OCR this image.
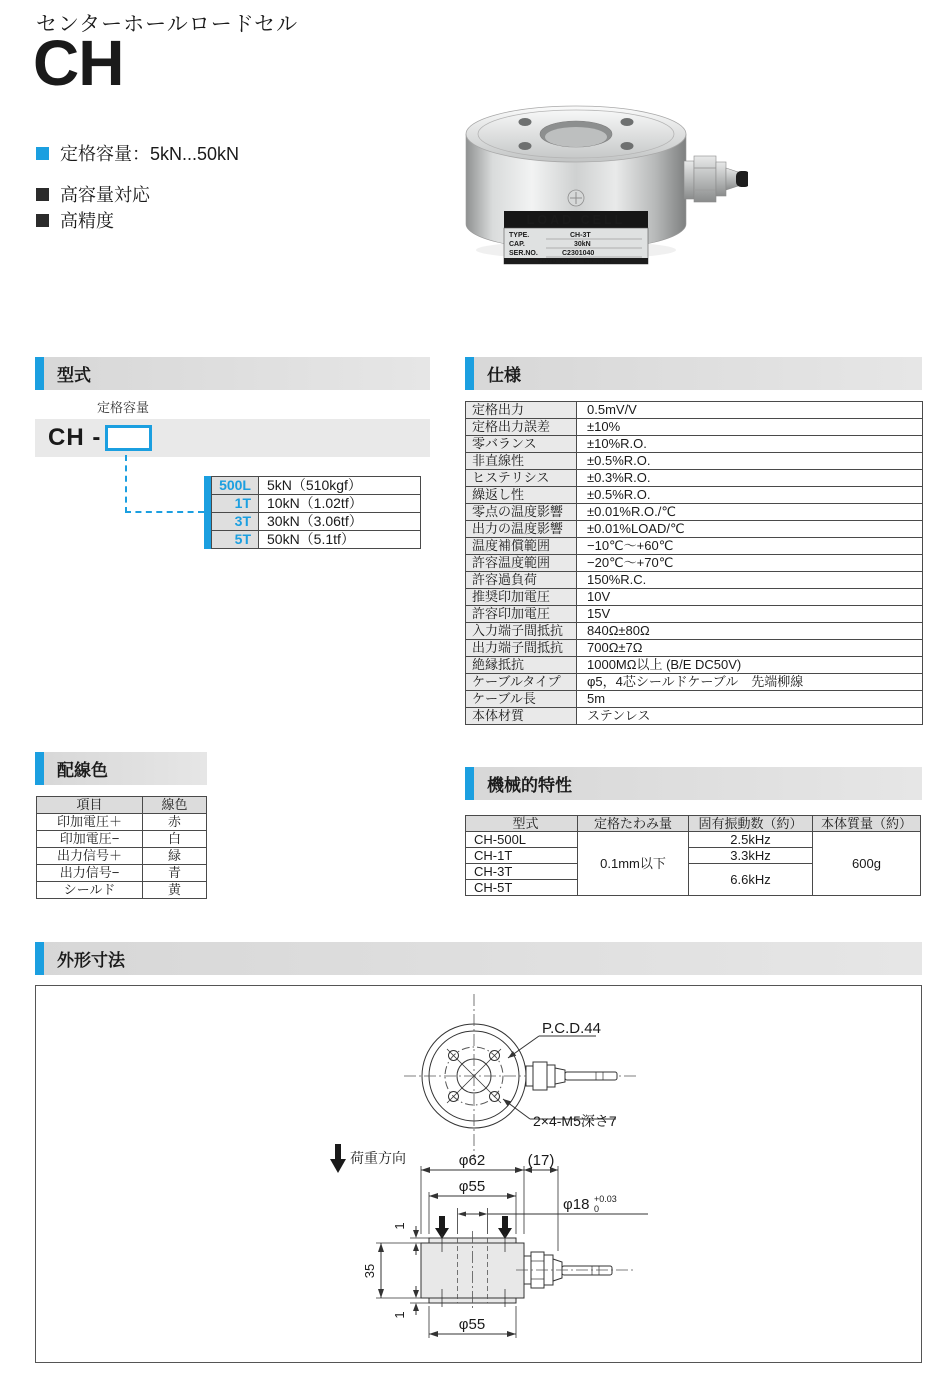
センターホールロードセル
CH
定格容量：5kN...50kN
高容量対応
高精度	LOAD CELL
TYPE.	CH-3T
CAP.	30kN
SER.NO.	C2301040
TOYO SOKKI CO.,LTD.
型式
定格容量
CH -
500L	5kN（510kgf）
1T	10kN（1.02tf）
3T	30kN（3.06tf）
5T	50kN（5.1tf）
仕様
定格出力	0.5mV/V
定格出力誤差	±10%
零バランス	±10%R.O.
非直線性	±0.5%R.O.
ヒステリシス	±0.3%R.O.
繰返し性	±0.5%R.O.
零点の温度影響	±0.01%R.O./℃
出力の温度影響	±0.01%LOAD/℃
温度補償範囲	−10℃〜+60℃
許容温度範囲	−20℃〜+70℃
許容過負荷	150%R.C.
推奨印加電圧	10V
許容印加電圧	15V
入力端子間抵抗	840Ω±80Ω
出力端子間抵抗	700Ω±7Ω
絶縁抵抗	1000MΩ以上 (B/E DC50V)
ケーブルタイプ	φ5，4芯シールドケーブル　先端柳線
ケーブル長	5m
本体材質	ステンレス
配線色
項目	線色
印加電圧＋	赤
印加電圧−	白
出力信号＋	緑
出力信号−	青
シールド	黄
機械的特性
型式	定格たわみ量	固有振動数（約）	本体質量（約）
CH-500L	0.1mm以下	2.5kHz	600g
CH-1T		3.3kHz	
CH-3T		6.6kHz	
CH-5T			
外形寸法
P.C.D.44
2×4-M5深さ7
荷重方向	φ62	(17)
φ55
φ18 +0.03
0
35
1
1
φ55
